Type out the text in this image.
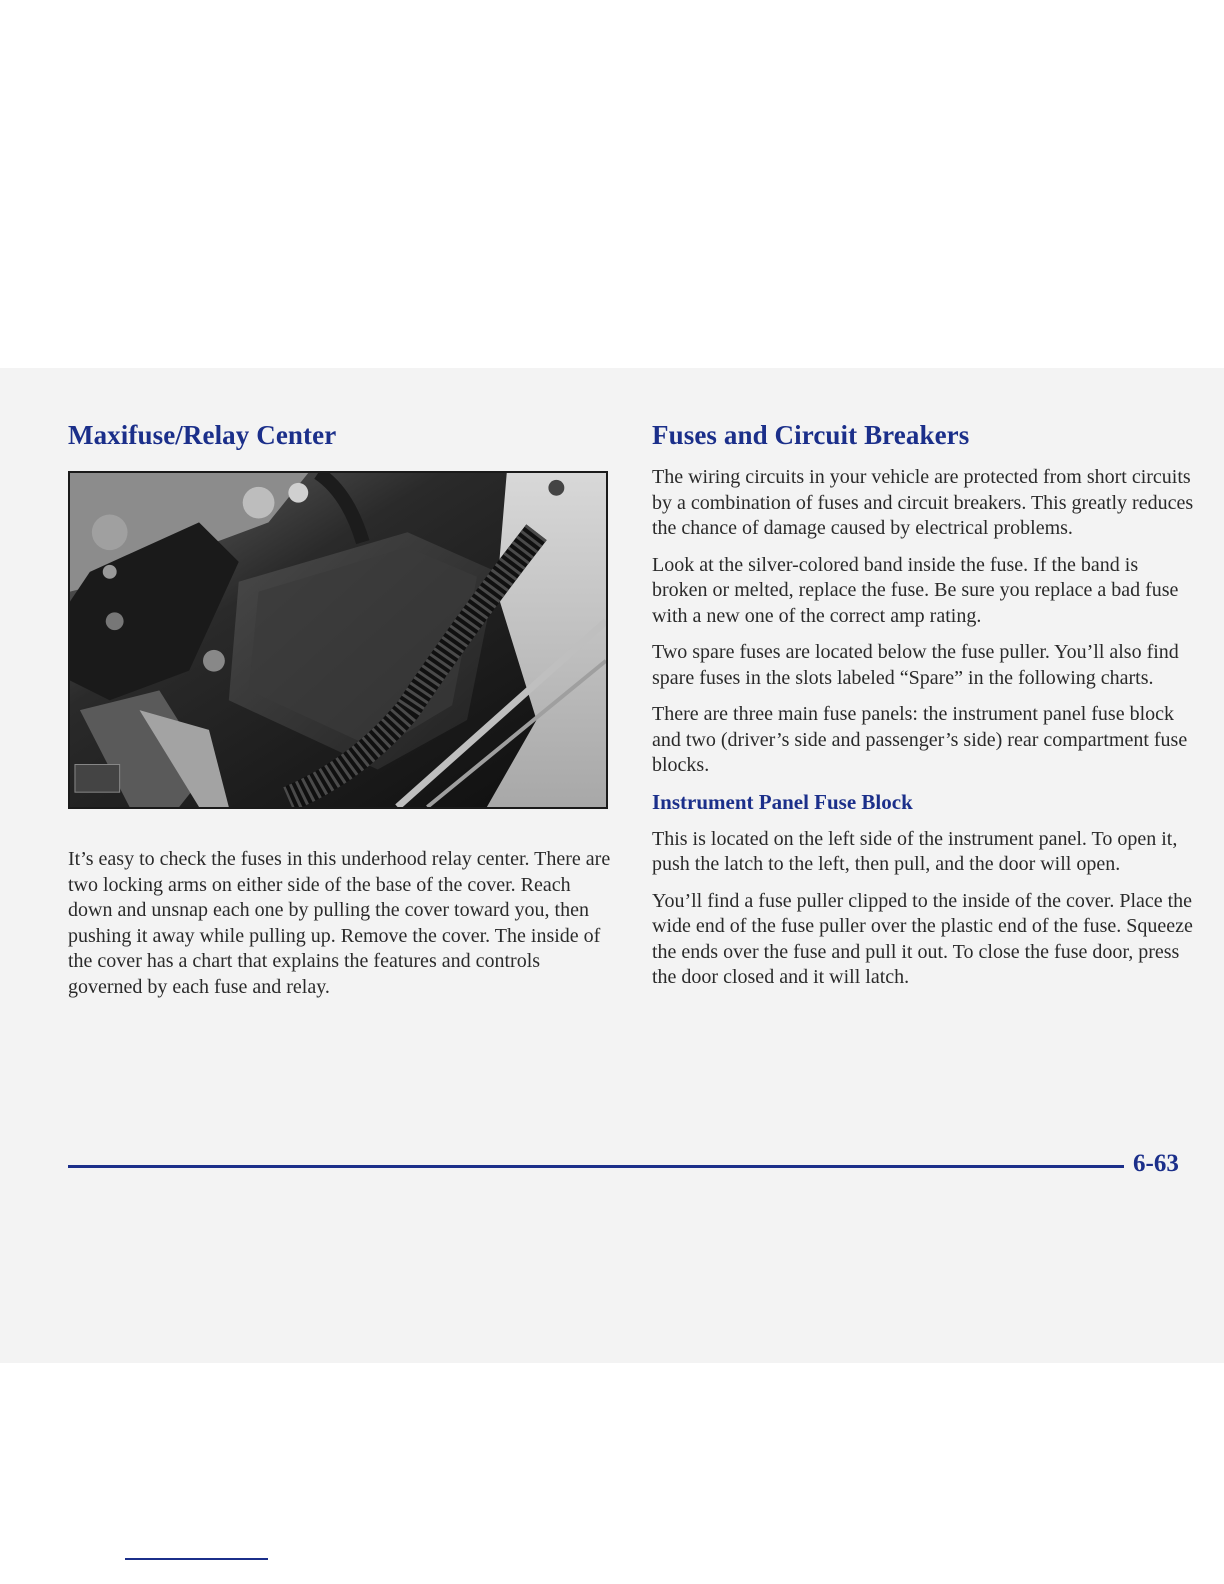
Maxifuse/Relay Center

It’s easy to check the fuses in this underhood relay center. There are two locking arms on either side of the base of the cover. Reach down and unsnap each one by pulling the cover toward you, then pushing it away while pulling up. Remove the cover. The inside of the cover has a chart that explains the features and controls governed by each fuse and relay.

Fuses and Circuit Breakers

The wiring circuits in your vehicle are protected from short circuits by a combination of fuses and circuit breakers. This greatly reduces the chance of damage caused by electrical problems.

Look at the silver-colored band inside the fuse. If the band is broken or melted, replace the fuse. Be sure you replace a bad fuse with a new one of the correct amp rating.

Two spare fuses are located below the fuse puller. You’ll also find spare fuses in the slots labeled “Spare” in the following charts.

There are three main fuse panels: the instrument panel fuse block and two (driver’s side and passenger’s side) rear compartment fuse blocks.

Instrument Panel Fuse Block

This is located on the left side of the instrument panel. To open it, push the latch to the left, then pull, and the door will open.

You’ll find a fuse puller clipped to the inside of the cover. Place the wide end of the fuse puller over the plastic end of the fuse. Squeeze the ends over the fuse and pull it out. To close the fuse door, press the door closed and it will latch.

6-63
